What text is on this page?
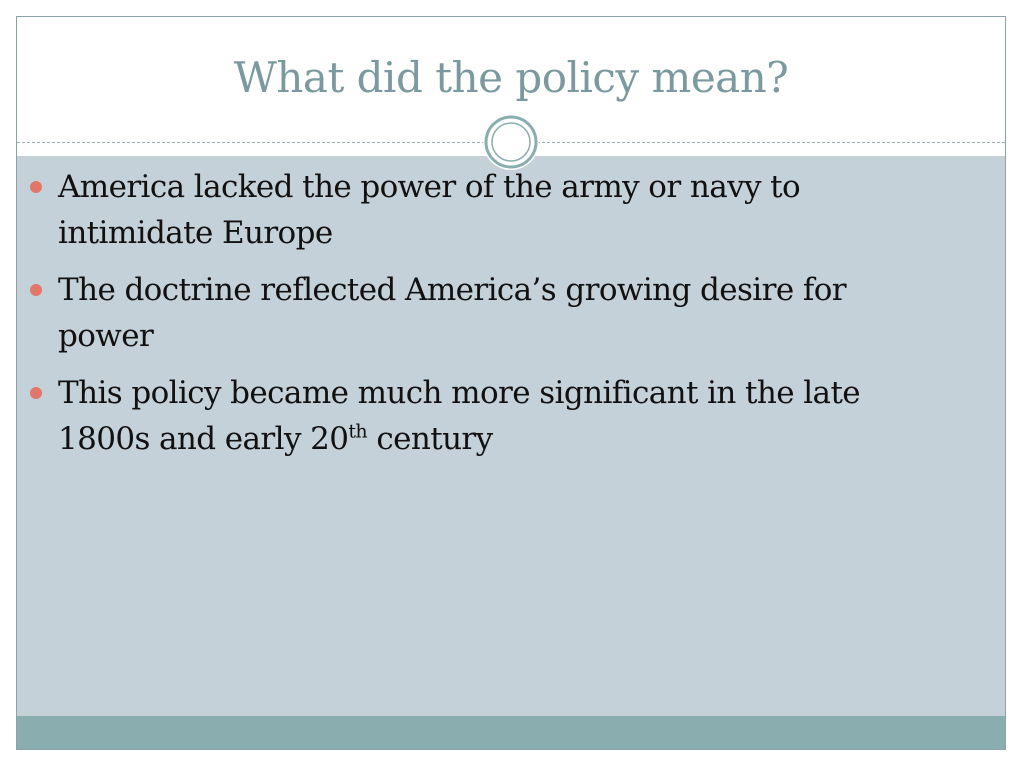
What did the policy mean?
America lacked the power of the army or navy to intimidate Europe
The doctrine reflected America’s growing desire for power
This policy became much more significant in the late 1800s and early 20th century
